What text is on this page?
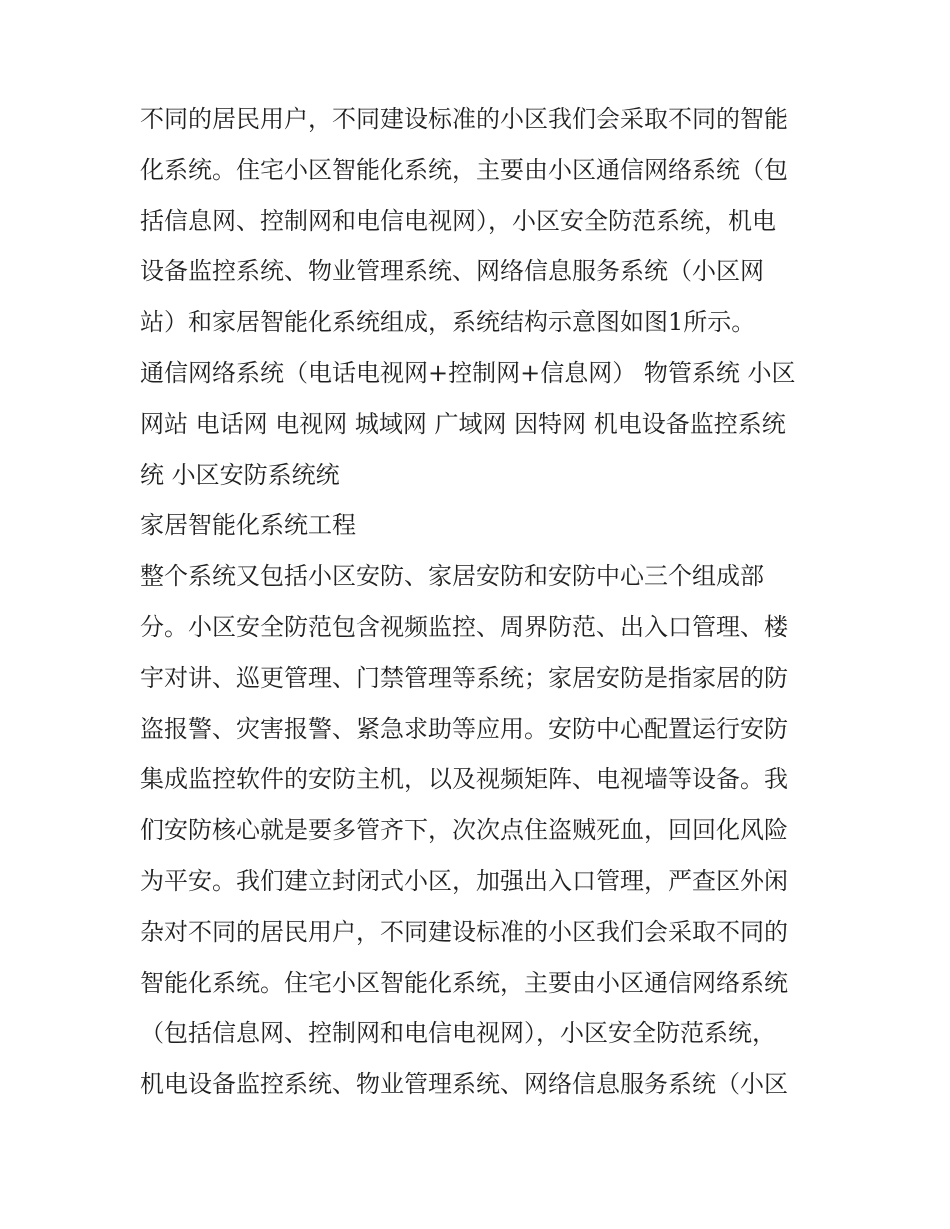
不同的居民用户，不同建设标准的小区我们会采取不同的智能
化系统。住宅小区智能化系统，主要由小区通信网络系统（包
括信息网、控制网和电信电视网），小区安全防范系统，机电
设备监控系统、物业管理系统、网络信息服务系统（小区网
站）和家居智能化系统组成，系统结构示意图如图1所示。
通信网络系统（电话电视网+控制网+信息网） 物管系统 小区
网站 电话网 电视网 城域网 广域网 因特网 机电设备监控系统
统 小区安防系统统
家居智能化系统工程
整个系统又包括小区安防、家居安防和安防中心三个组成部
分。小区安全防范包含视频监控、周界防范、出入口管理、楼
宇对讲、巡更管理、门禁管理等系统；家居安防是指家居的防
盗报警、灾害报警、紧急求助等应用。安防中心配置运行安防
集成监控软件的安防主机，以及视频矩阵、电视墙等设备。我
们安防核心就是要多管齐下，次次点住盗贼死血，回回化风险
为平安。我们建立封闭式小区，加强出入口管理，严查区外闲
杂对不同的居民用户，不同建设标准的小区我们会采取不同的
智能化系统。住宅小区智能化系统，主要由小区通信网络系统
（包括信息网、控制网和电信电视网），小区安全防范系统，
机电设备监控系统、物业管理系统、网络信息服务系统（小区
